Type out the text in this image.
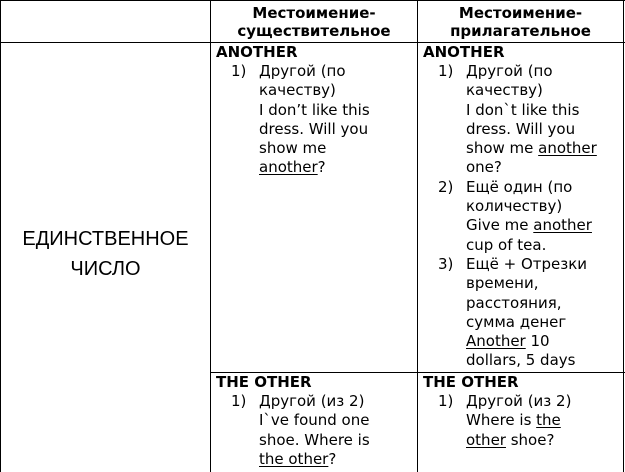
Местоимение-
существительное
Местоимение-
прилагательное
ЕДИНСТВЕННОЕ
ЧИСЛО
ANOTHER
1) Другой (по
качеству)
I don’t like this
dress. Will you
show me
another?
ANOTHER
1) Другой (по
качеству)
I don`t like this
dress. Will you
show me another
one?
2) Ещё один (по
количеству)
Give me another
cup of tea.
3) Ещё + Отрезки
времени,
расстояния,
сумма денег
Another 10
dollars, 5 days
THE OTHER
1) Другой (из 2)
I`ve found one
shoe. Where is
the other?
THE OTHER
1) Другой (из 2)
Where is the
other shoe?
